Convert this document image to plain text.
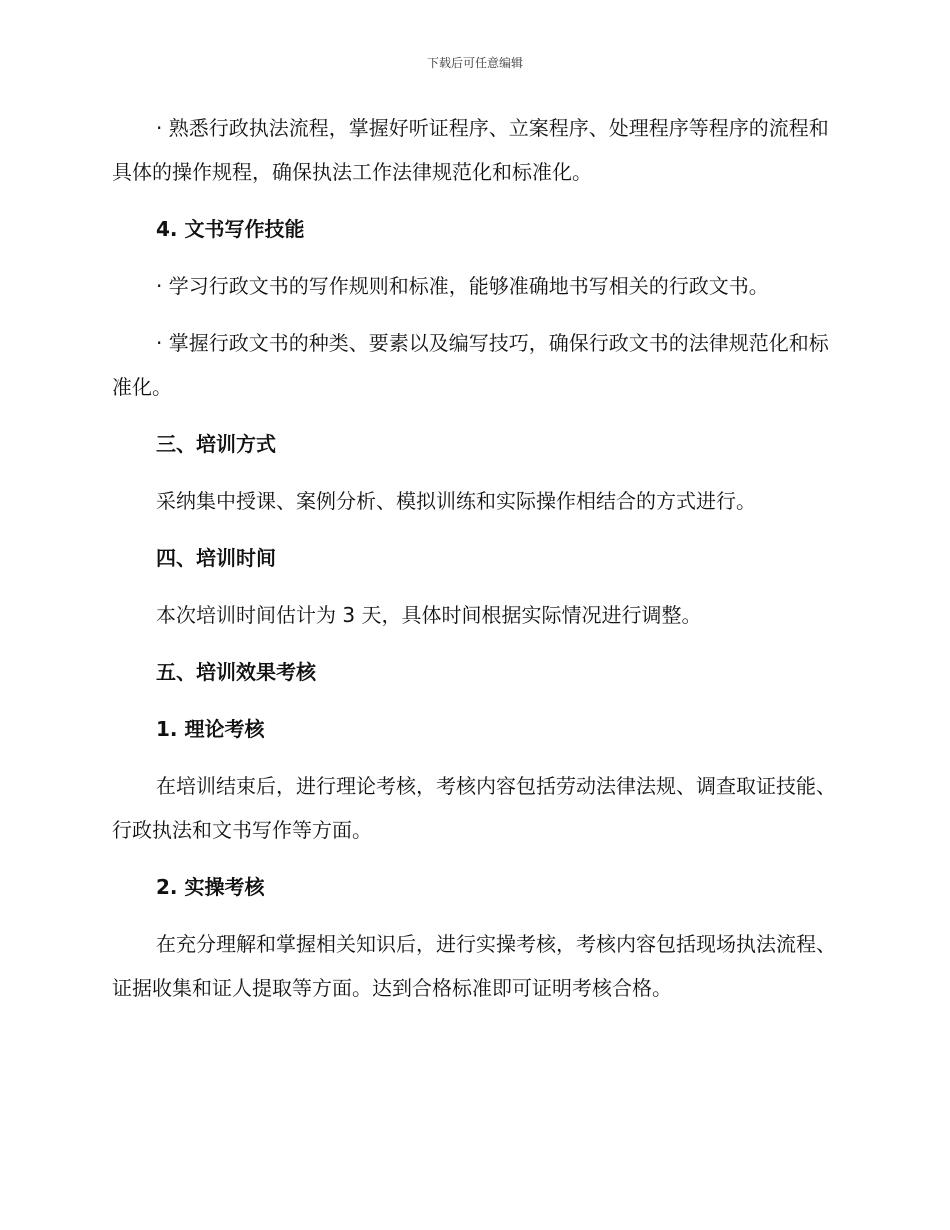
下载后可任意编辑
· 熟悉行政执法流程，掌握好听证程序、立案程序、处理程序等程序的流程和具体的操作规程，确保执法工作法律规范化和标准化。
4. 文书写作技能
· 学习行政文书的写作规则和标准，能够准确地书写相关的行政文书。
· 掌握行政文书的种类、要素以及编写技巧，确保行政文书的法律规范化和标准化。
三、培训方式
采纳集中授课、案例分析、模拟训练和实际操作相结合的方式进行。
四、培训时间
本次培训时间估计为 3 天，具体时间根据实际情况进行调整。
五、培训效果考核
1. 理论考核
在培训结束后，进行理论考核，考核内容包括劳动法律法规、调查取证技能、行政执法和文书写作等方面。
2. 实操考核
在充分理解和掌握相关知识后，进行实操考核，考核内容包括现场执法流程、证据收集和证人提取等方面。达到合格标准即可证明考核合格。
